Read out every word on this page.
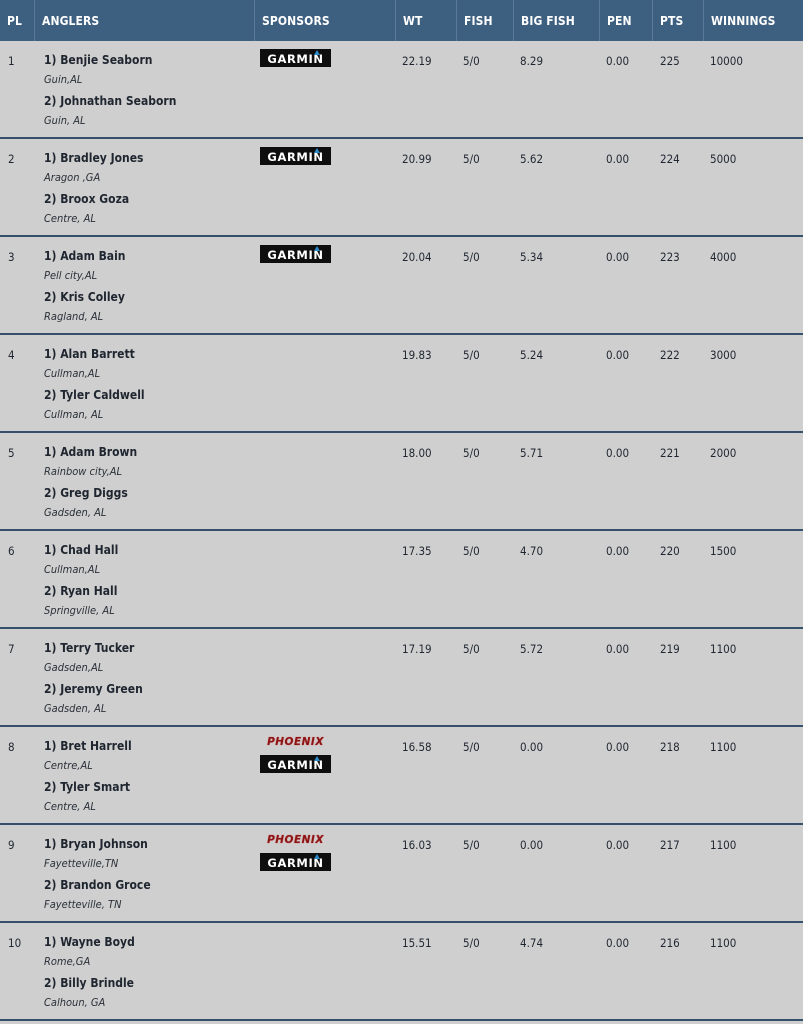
PL	ANGLERS	SPONSORS	WT	FISH	BIG FISH	PEN	PTS	WINNINGS
1 1) Benjie Seaborn
Guin,AL
2) Johnathan Seaborn
Guin, AL
GARMIN	22.19	5/0	8.29	0.00	225	10000
2 1) Bradley Jones
Aragon ,GA
2) Broox Goza
Centre, AL
GARMIN	20.99	5/0	5.62	0.00	224	5000
3 1) Adam Bain
Pell city,AL
2) Kris Colley
Ragland, AL
GARMIN	20.04	5/0	5.34	0.00	223	4000
4 1) Alan Barrett
Cullman,AL
2) Tyler Caldwell
Cullman, AL
19.83	5/0	5.24	0.00	222	3000
5 1) Adam Brown
Rainbow city,AL
2) Greg Diggs
Gadsden, AL
18.00	5/0	5.71	0.00	221	2000
6 1) Chad Hall
Cullman,AL
2) Ryan Hall
Springville, AL
17.35	5/0	4.70	0.00	220	1500
7 1) Terry Tucker
Gadsden,AL
2) Jeremy Green
Gadsden, AL
17.19	5/0	5.72	0.00	219	1100
8 1) Bret Harrell
Centre,AL
2) Tyler Smart
Centre, AL
PHOENIX
GARMIN
16.58	5/0	0.00	0.00	218	1100
9 1) Bryan Johnson
Fayetteville,TN
2) Brandon Groce
Fayetteville, TN
PHOENIX
GARMIN
16.03	5/0	0.00	0.00	217	1100
10 1) Wayne Boyd
Rome,GA
2) Billy Brindle
Calhoun, GA
15.51	5/0	4.74	0.00	216	1100
